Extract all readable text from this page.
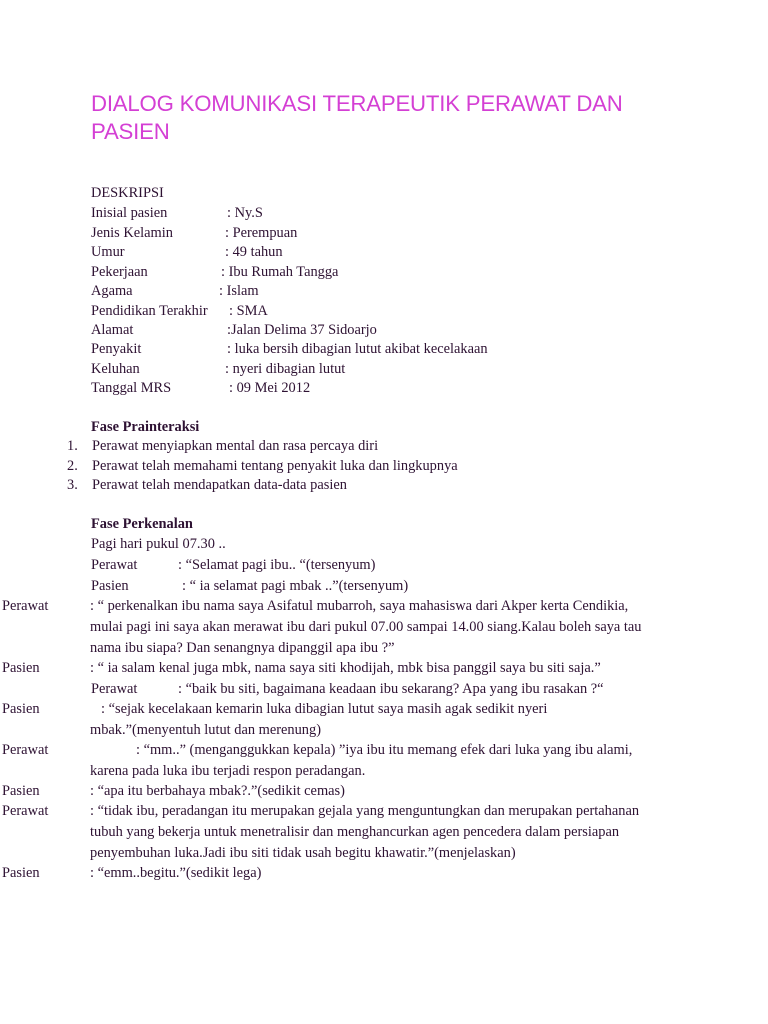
DIALOG KOMUNIKASI TERAPEUTIK PERAWAT DAN PASIEN
DESKRIPSI
Inisial pasien	: Ny.S
Jenis Kelamin	: Perempuan
Umur	: 49 tahun
Pekerjaan	: Ibu Rumah Tangga
Agama	: Islam
Pendidikan Terakhir : SMA
Alamat	:Jalan Delima 37 Sidoarjo
Penyakit	: luka bersih dibagian lutut akibat kecelakaan
Keluhan	: nyeri dibagian lutut
Tanggal MRS	: 09 Mei 2012
Fase Prainteraksi
1. Perawat menyiapkan mental dan rasa percaya diri
2. Perawat telah memahami tentang penyakit luka dan lingkupnya
3. Perawat telah mendapatkan data-data pasien
Fase Perkenalan
Pagi hari pukul 07.30 ..
Perawat	: “Selamat pagi ibu.. “(tersenyum)
Pasien	: “ ia selamat pagi mbak ..”(tersenyum)
Perawat	: “ perkenalkan ibu nama saya Asifatul mubarroh, saya mahasiswa dari Akper kerta Cendikia,
mulai pagi ini saya akan merawat ibu dari pukul 07.00 sampai 14.00 siang.Kalau boleh saya tau
nama ibu siapa? Dan senangnya dipanggil apa ibu ?”
Pasien	: “ ia salam kenal juga mbk, nama saya siti khodijah, mbk bisa panggil saya bu siti saja.”
Perawat	: “baik bu siti, bagaimana keadaan ibu sekarang? Apa yang ibu rasakan ?“
Pasien	: “sejak kecelakaan kemarin luka dibagian lutut saya masih agak sedikit nyeri
mbak.”(menyentuh lutut dan merenung)
Perawat	: “mm..” (menganggukkan kepala) ”iya ibu itu memang efek dari luka yang ibu alami,
karena pada luka ibu terjadi respon peradangan.
Pasien	: “apa itu berbahaya mbak?.”(sedikit cemas)
Perawat	: “tidak ibu, peradangan itu merupakan gejala yang menguntungkan dan merupakan pertahanan
tubuh yang bekerja untuk menetralisir dan menghancurkan agen pencedera dalam persiapan
penyembuhan luka.Jadi ibu siti tidak usah begitu khawatir.”(menjelaskan)
Pasien	: “emm..begitu.”(sedikit lega)
